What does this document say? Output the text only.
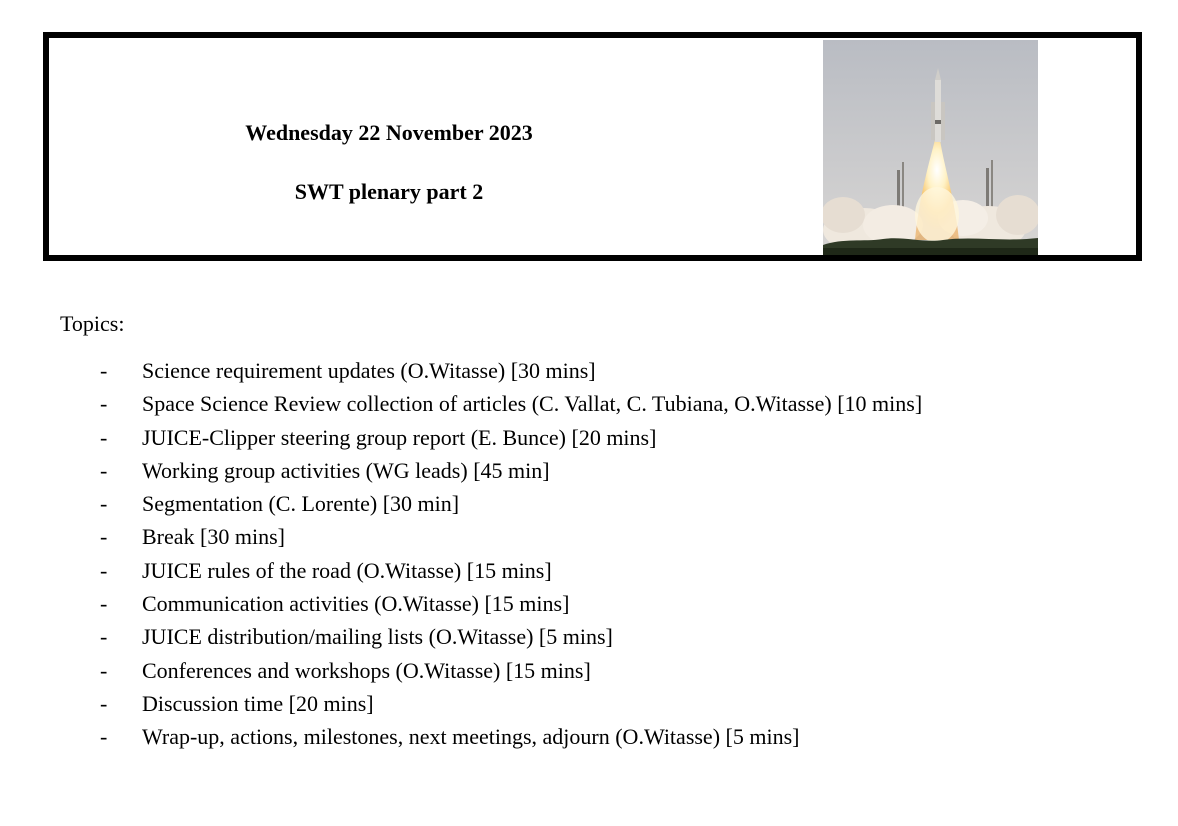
Wednesday 22 November 2023
SWT plenary part 2
Topics:
- Science requirement updates (O.Witasse) [30 mins]
- Space Science Review collection of articles (C. Vallat, C. Tubiana, O.Witasse) [10 mins]
- JUICE-Clipper steering group report (E. Bunce) [20 mins]
- Working group activities (WG leads) [45 min]
- Segmentation (C. Lorente) [30 min]
- Break [30 mins]
- JUICE rules of the road (O.Witasse) [15 mins]
- Communication activities (O.Witasse) [15 mins]
- JUICE distribution/mailing lists (O.Witasse) [5 mins]
- Conferences and workshops (O.Witasse) [15 mins]
- Discussion time [20 mins]
- Wrap-up, actions, milestones, next meetings, adjourn (O.Witasse) [5 mins]
